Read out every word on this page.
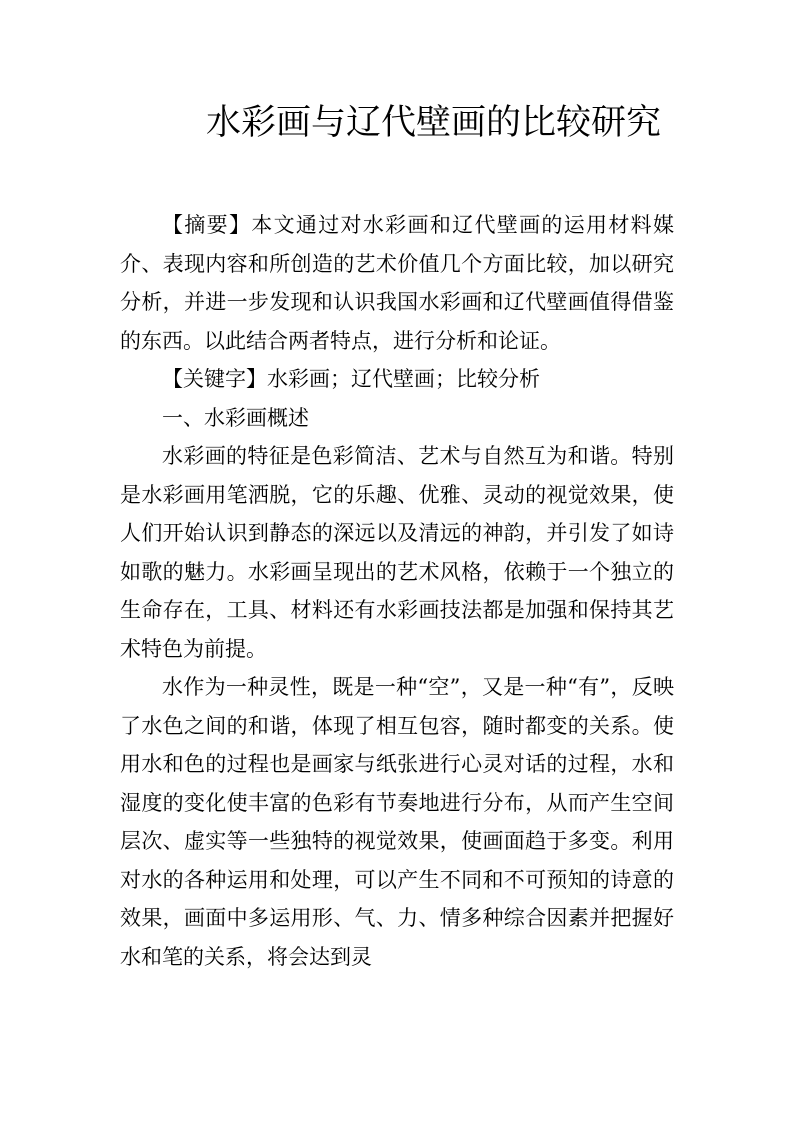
水彩画与辽代壁画的比较研究

【摘要】本文通过对水彩画和辽代壁画的运用材料媒介、表现内容和所创造的艺术价值几个方面比较，加以研究分析，并进一步发现和认识我国水彩画和辽代壁画值得借鉴的东西。以此结合两者特点，进行分析和论证。

【关键字】水彩画；辽代壁画；比较分析

一、水彩画概述

水彩画的特征是色彩简洁、艺术与自然互为和谐。特别是水彩画用笔洒脱，它的乐趣、优雅、灵动的视觉效果，使人们开始认识到静态的深远以及清远的神韵，并引发了如诗如歌的魅力。水彩画呈现出的艺术风格，依赖于一个独立的生命存在，工具、材料还有水彩画技法都是加强和保持其艺术特色为前提。

水作为一种灵性，既是一种“空”，又是一种“有”，反映了水色之间的和谐，体现了相互包容，随时都变的关系。使用水和色的过程也是画家与纸张进行心灵对话的过程，水和湿度的变化使丰富的色彩有节奏地进行分布，从而产生空间层次、虚实等一些独特的视觉效果，使画面趋于多变。利用对水的各种运用和处理，可以产生不同和不可预知的诗意的效果，画面中多运用形、气、力、情多种综合因素并把握好水和笔的关系，将会达到灵
